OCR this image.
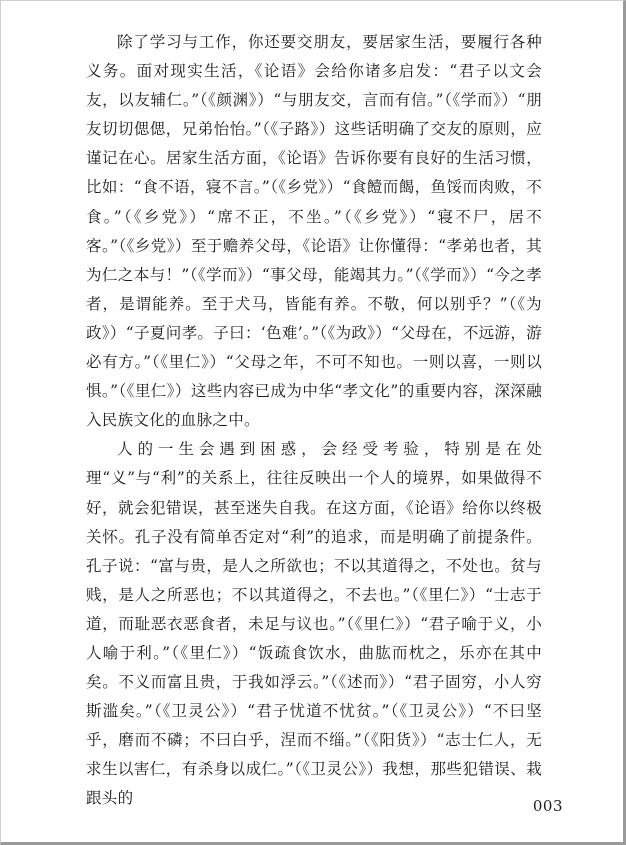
除了学习与工作，你还要交朋友，要居家生活，要履行各种义务。面对现实生活，《论语》会给你诸多启发：“君子以文会友，以友辅仁。”（《颜渊》）“与朋友交，言而有信。”（《学而》）“朋友切切偲偲，兄弟怡怡。”（《子路》）这些话明确了交友的原则，应谨记在心。居家生活方面，《论语》告诉你要有良好的生活习惯，比如：“食不语，寝不言。”（《乡党》）“食饐而餲，鱼馁而肉败，不食。”（《乡党》）“席不正，不坐。”（《乡党》）“寝不尸，居不客。”（《乡党》）至于赡养父母，《论语》让你懂得：“孝弟也者，其为仁之本与！”（《学而》）“事父母，能竭其力。”（《学而》）“今之孝者，是谓能养。至于犬马，皆能有养。不敬，何以别乎？”（《为政》）“子夏问孝。子曰：‘色难’。”（《为政》）“父母在，不远游，游必有方。”（《里仁》）“父母之年，不可不知也。一则以喜，一则以惧。”（《里仁》）这些内容已成为中华“孝文化”的重要内容，深深融入民族文化的血脉之中。

人的一生会遇到困惑，会经受考验，特别是在处理“义”与“利”的关系上，往往反映出一个人的境界，如果做得不好，就会犯错误，甚至迷失自我。在这方面，《论语》给你以终极关怀。孔子没有简单否定对“利”的追求，而是明确了前提条件。孔子说：“富与贵，是人之所欲也；不以其道得之，不处也。贫与贱，是人之所恶也；不以其道得之，不去也。”（《里仁》）“士志于道，而耻恶衣恶食者，未足与议也。”（《里仁》）“君子喻于义，小人喻于利。”（《里仁》）“饭疏食饮水，曲肱而枕之，乐亦在其中矣。不义而富且贵，于我如浮云。”（《述而》）“君子固穷，小人穷斯滥矣。”（《卫灵公》）“君子忧道不忧贫。”（《卫灵公》）“不曰坚乎，磨而不磷；不曰白乎，涅而不缁。”（《阳货》）“志士仁人，无求生以害仁，有杀身以成仁。”（《卫灵公》）我想，那些犯错误、栽跟头的	003
